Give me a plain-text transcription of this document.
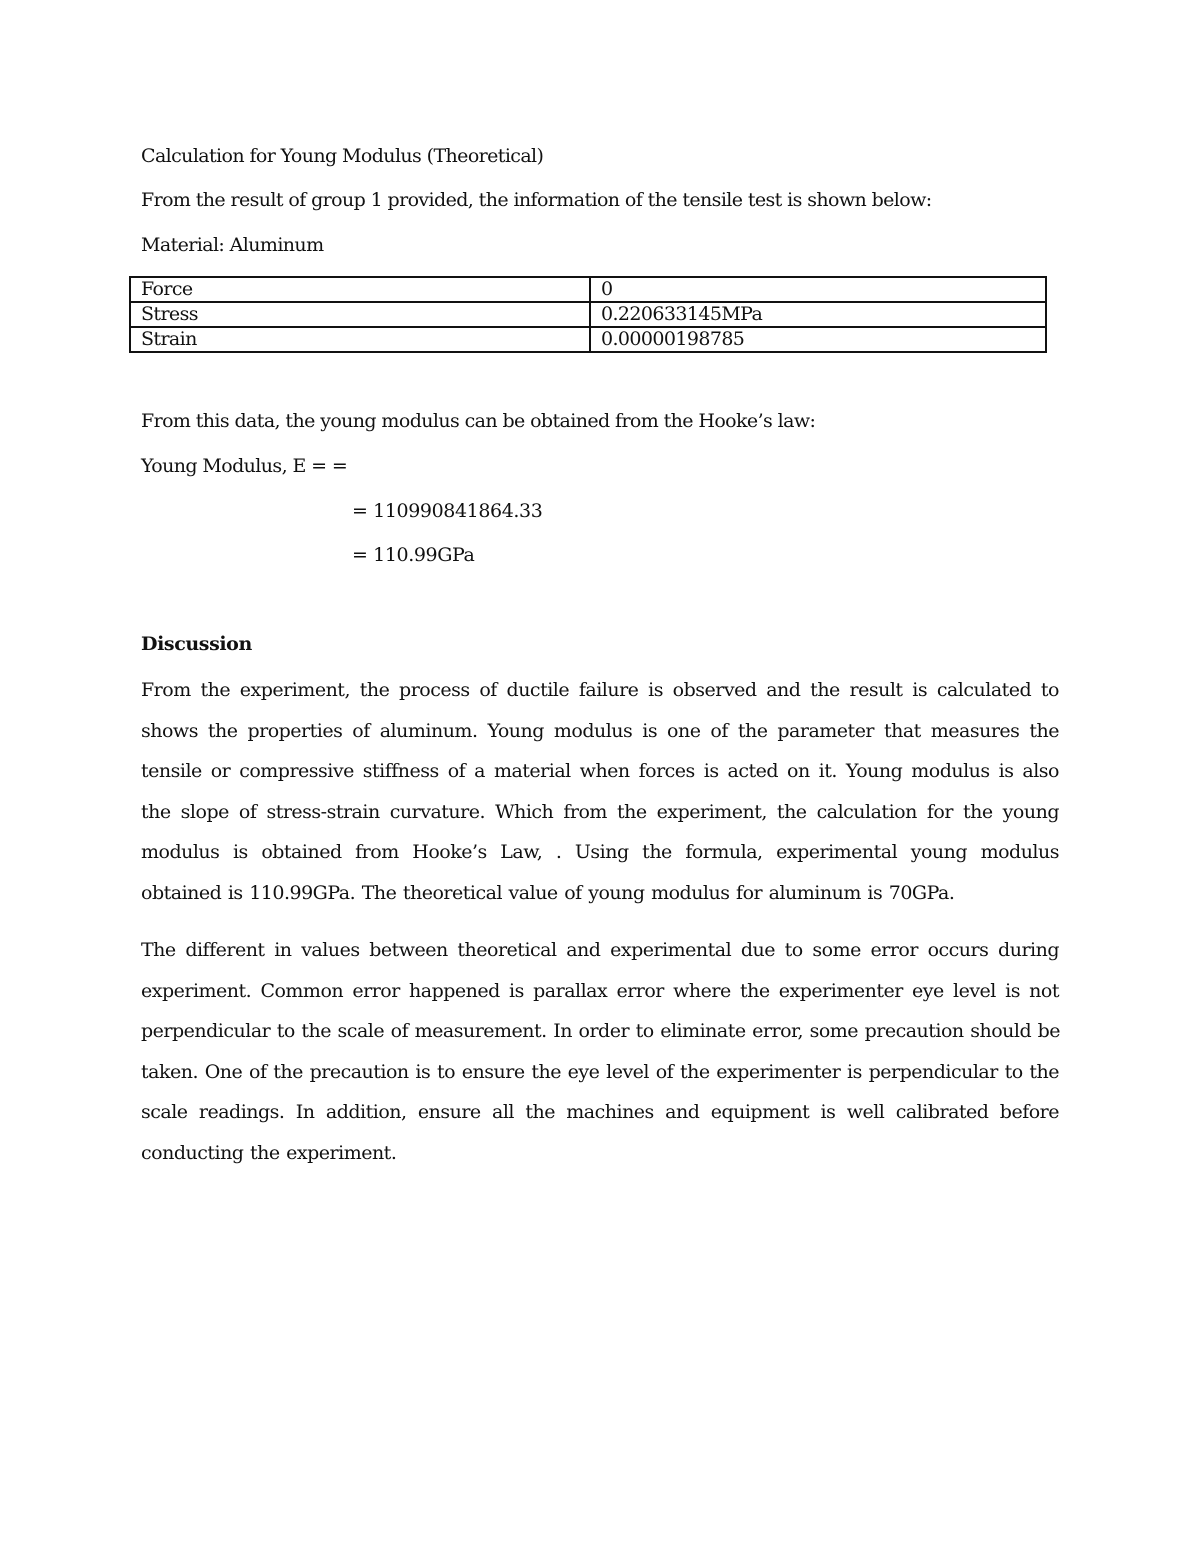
Calculation for Young Modulus (Theoretical)
From the result of group 1 provided, the information of the tensile test is shown below:
Material: Aluminum
Force	0
Stress	0.220633145MPa
Strain	0.00000198785
From this data, the young modulus can be obtained from the Hooke’s law:
Young Modulus, E = =
= 110990841864.33
= 110.99GPa
Discussion
From the experiment, the process of ductile failure is observed and the result is calculated to
shows the properties of aluminum. Young modulus is one of the parameter that measures the
tensile or compressive stiffness of a material when forces is acted on it. Young modulus is also
the slope of stress-strain curvature. Which from the experiment, the calculation for the young
modulus is obtained from Hooke’s Law, . Using the formula, experimental young modulus
obtained is 110.99GPa. The theoretical value of young modulus for aluminum is 70GPa.
The different in values between theoretical and experimental due to some error occurs during
experiment. Common error happened is parallax error where the experimenter eye level is not
perpendicular to the scale of measurement. In order to eliminate error, some precaution should be
taken. One of the precaution is to ensure the eye level of the experimenter is perpendicular to the
scale readings. In addition, ensure all the machines and equipment is well calibrated before
conducting the experiment.
